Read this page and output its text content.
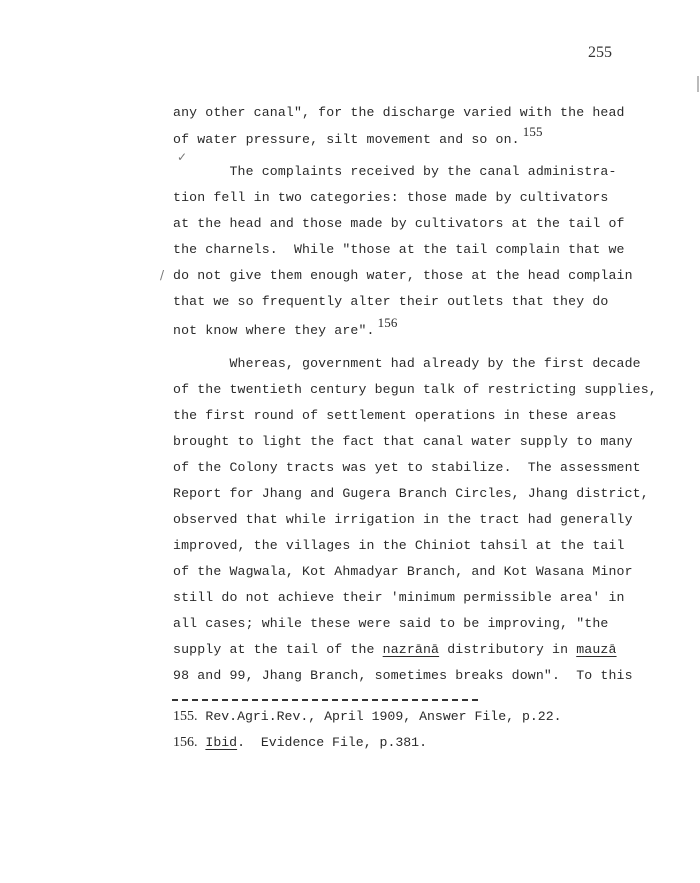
255
any other canal", for the discharge varied with the head
of water pressure, silt movement and so on.155
✓
The complaints received by the canal administra-
tion fell in two categories: those made by cultivators
at the head and those made by cultivators at the tail of
the charnels.  While "those at the tail complain that we
/ do not give them enough water, those at the head complain
that we so frequently alter their outlets that they do
not know where they are".156
Whereas, government had already by the first decade
of the twentieth century begun talk of restricting supplies,
the first round of settlement operations in these areas
brought to light the fact that canal water supply to many
of the Colony tracts was yet to stabilize.  The assessment
Report for Jhang and Gugera Branch Circles, Jhang district,
observed that while irrigation in the tract had generally
improved, the villages in the Chiniot tahsil at the tail
of the Wagwala, Kot Ahmadyar Branch, and Kot Wasana Minor
still do not achieve their 'minimum permissible area' in
all cases; while these were said to be improving, "the
supply at the tail of the nazrānā distributory in mauzā
98 and 99, Jhang Branch, sometimes breaks down".  To this
155. Rev.Agri.Rev., April 1909, Answer File, p.22.
156. Ibid.  Evidence File, p.381.
